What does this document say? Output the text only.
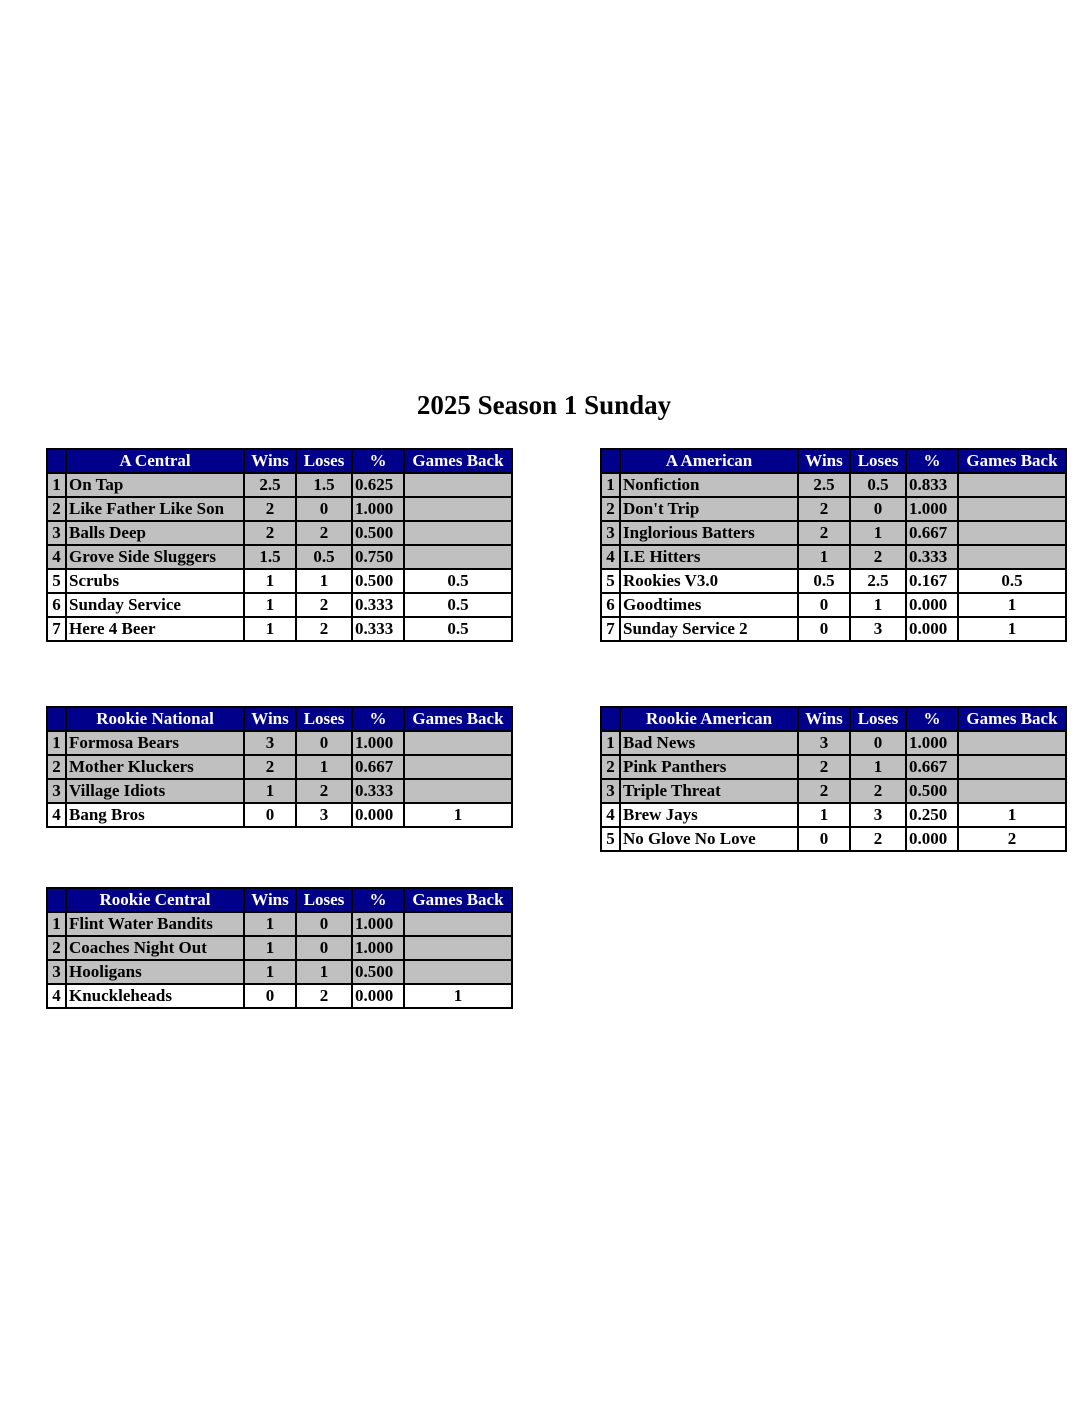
2025 Season 1 Sunday
	A Central	Wins	Loses	%	Games Back
1	On Tap	2.5	1.5	0.625	
2	Like Father Like Son	2	0	1.000	
3	Balls Deep	2	2	0.500	
4	Grove Side Sluggers	1.5	0.5	0.750	
5	Scrubs	1	1	0.500	0.5
6	Sunday Service	1	2	0.333	0.5
7	Here 4 Beer	1	2	0.333	0.5
	A American	Wins	Loses	%	Games Back
1	Nonfiction	2.5	0.5	0.833	
2	Don't Trip	2	0	1.000	
3	Inglorious Batters	2	1	0.667	
4	I.E Hitters	1	2	0.333	
5	Rookies V3.0	0.5	2.5	0.167	0.5
6	Goodtimes	0	1	0.000	1
7	Sunday Service 2	0	3	0.000	1
	Rookie National	Wins	Loses	%	Games Back
1	Formosa Bears	3	0	1.000	
2	Mother Kluckers	2	1	0.667	
3	Village Idiots	1	2	0.333	
4	Bang Bros	0	3	0.000	1
	Rookie American	Wins	Loses	%	Games Back
1	Bad News	3	0	1.000	
2	Pink Panthers	2	1	0.667	
3	Triple Threat	2	2	0.500	
4	Brew Jays	1	3	0.250	1
5	No Glove No Love	0	2	0.000	2
	Rookie Central	Wins	Loses	%	Games Back
1	Flint Water Bandits	1	0	1.000	
2	Coaches Night Out	1	0	1.000	
3	Hooligans	1	1	0.500	
4	Knuckleheads	0	2	0.000	1
